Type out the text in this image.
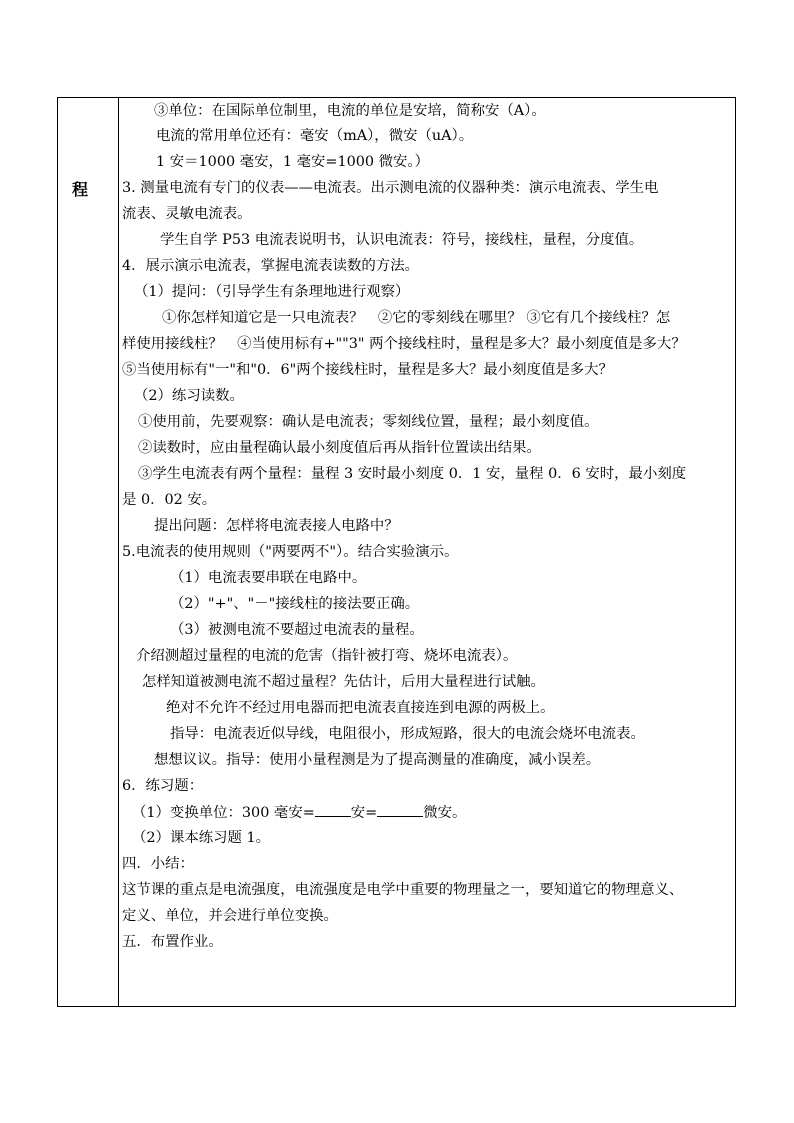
程
③单位：在国际单位制里，电流的单位是安培，简称安（A）。
电流的常用单位还有：毫安（mA），微安（uA）。
1 安＝1000 毫安，1 毫安=1000 微安。）
3. 测量电流有专门的仪表——电流表。出示测电流的仪器种类：演示电流表、学生电
流表、灵敏电流表。
学生自学 P53 电流表说明书，认识电流表：符号，接线柱，量程，分度值。
4．展示演示电流表，掌握电流表读数的方法。
（1）提问：（引导学生有条理地进行观察）
①你怎样知道它是一只电流表？　②它的零刻线在哪里？ ③它有几个接线柱？怎
样使用接线柱？　④当使用标有+""3" 两个接线柱时，量程是多大？最小刻度值是多大？
⑤当使用标有"一"和"0．6"两个接线柱时，量程是多大？最小刻度值是多大？
（2）练习读数。
①使用前，先要观察：确认是电流表；零刻线位置，量程；最小刻度值。
②读数时，应由量程确认最小刻度值后再从指针位置读出结果。
③学生电流表有两个量程：量程 3 安时最小刻度 0．1 安，量程 0．6 安时，最小刻度
是 0．02 安。
提出问题：怎样将电流表接人电路中？
5.电流表的使用规则（"两要两不"）。结合实验演示。
（1）电流表要串联在电路中。
（2）"+"、"－"接线柱的接法要正确。
（3）被测电流不要超过电流表的量程。
介绍测超过量程的电流的危害（指针被打弯、烧坏电流表）。
怎样知道被测电流不超过量程？先估计，后用大量程进行试触。
绝对不允许不经过用电器而把电流表直接连到电源的两极上。
指导：电流表近似导线，电阻很小，形成短路，很大的电流会烧坏电流表。
想想议议。指导：使用小量程测是为了提高测量的准确度，减小误差。
6．练习题：
（1）变换单位：300 毫安=	安=	微安。
（2）课本练习题 1。
四．小结：
这节课的重点是电流强度，电流强度是电学中重要的物理量之一，要知道它的物理意义、
定义、单位，并会进行单位变换。
五．布置作业。
